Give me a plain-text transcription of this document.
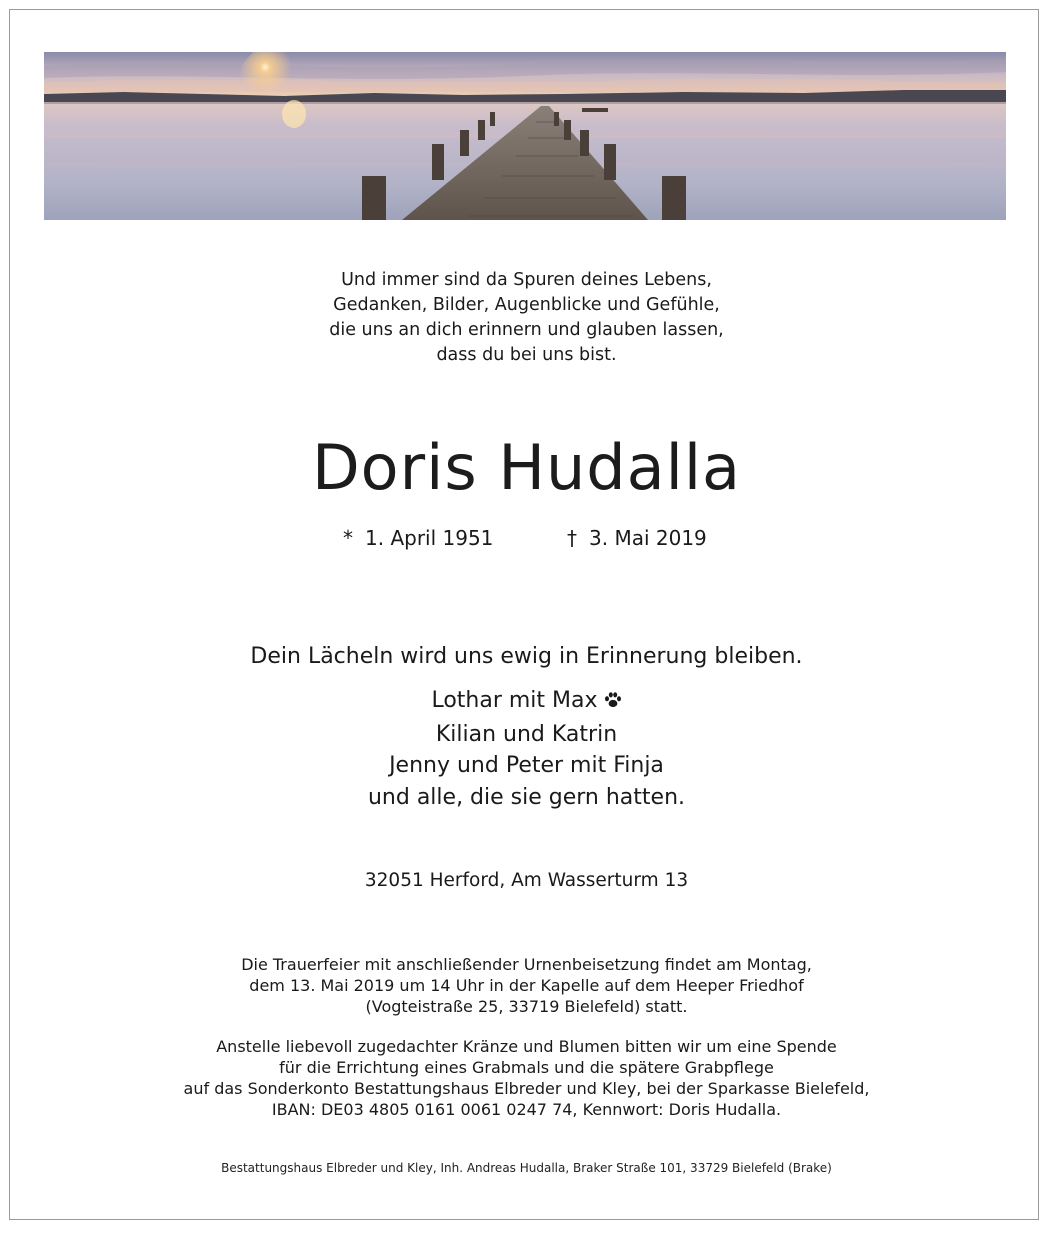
Und immer sind da Spuren deines Lebens,
Gedanken, Bilder, Augenblicke und Gefühle,
die uns an dich erinnern und glauben lassen,
dass du bei uns bist.
Doris Hudalla
* 1. April 1951	† 3. Mai 2019
Dein Lächeln wird uns ewig in Erinnerung bleiben.
Lothar mit Max
Kilian und Katrin
Jenny und Peter mit Finja
und alle, die sie gern hatten.
32051 Herford, Am Wasserturm 13
Die Trauerfeier mit anschließender Urnenbeisetzung findet am Montag,
dem 13. Mai 2019 um 14 Uhr in der Kapelle auf dem Heeper Friedhof
(Vogteistraße 25, 33719 Bielefeld) statt.
Anstelle liebevoll zugedachter Kränze und Blumen bitten wir um eine Spende
für die Errichtung eines Grabmals und die spätere Grabpflege
auf das Sonderkonto Bestattungshaus Elbreder und Kley, bei der Sparkasse Bielefeld,
IBAN: DE03 4805 0161 0061 0247 74, Kennwort: Doris Hudalla.
Bestattungshaus Elbreder und Kley, Inh. Andreas Hudalla, Braker Straße 101, 33729 Bielefeld (Brake)
